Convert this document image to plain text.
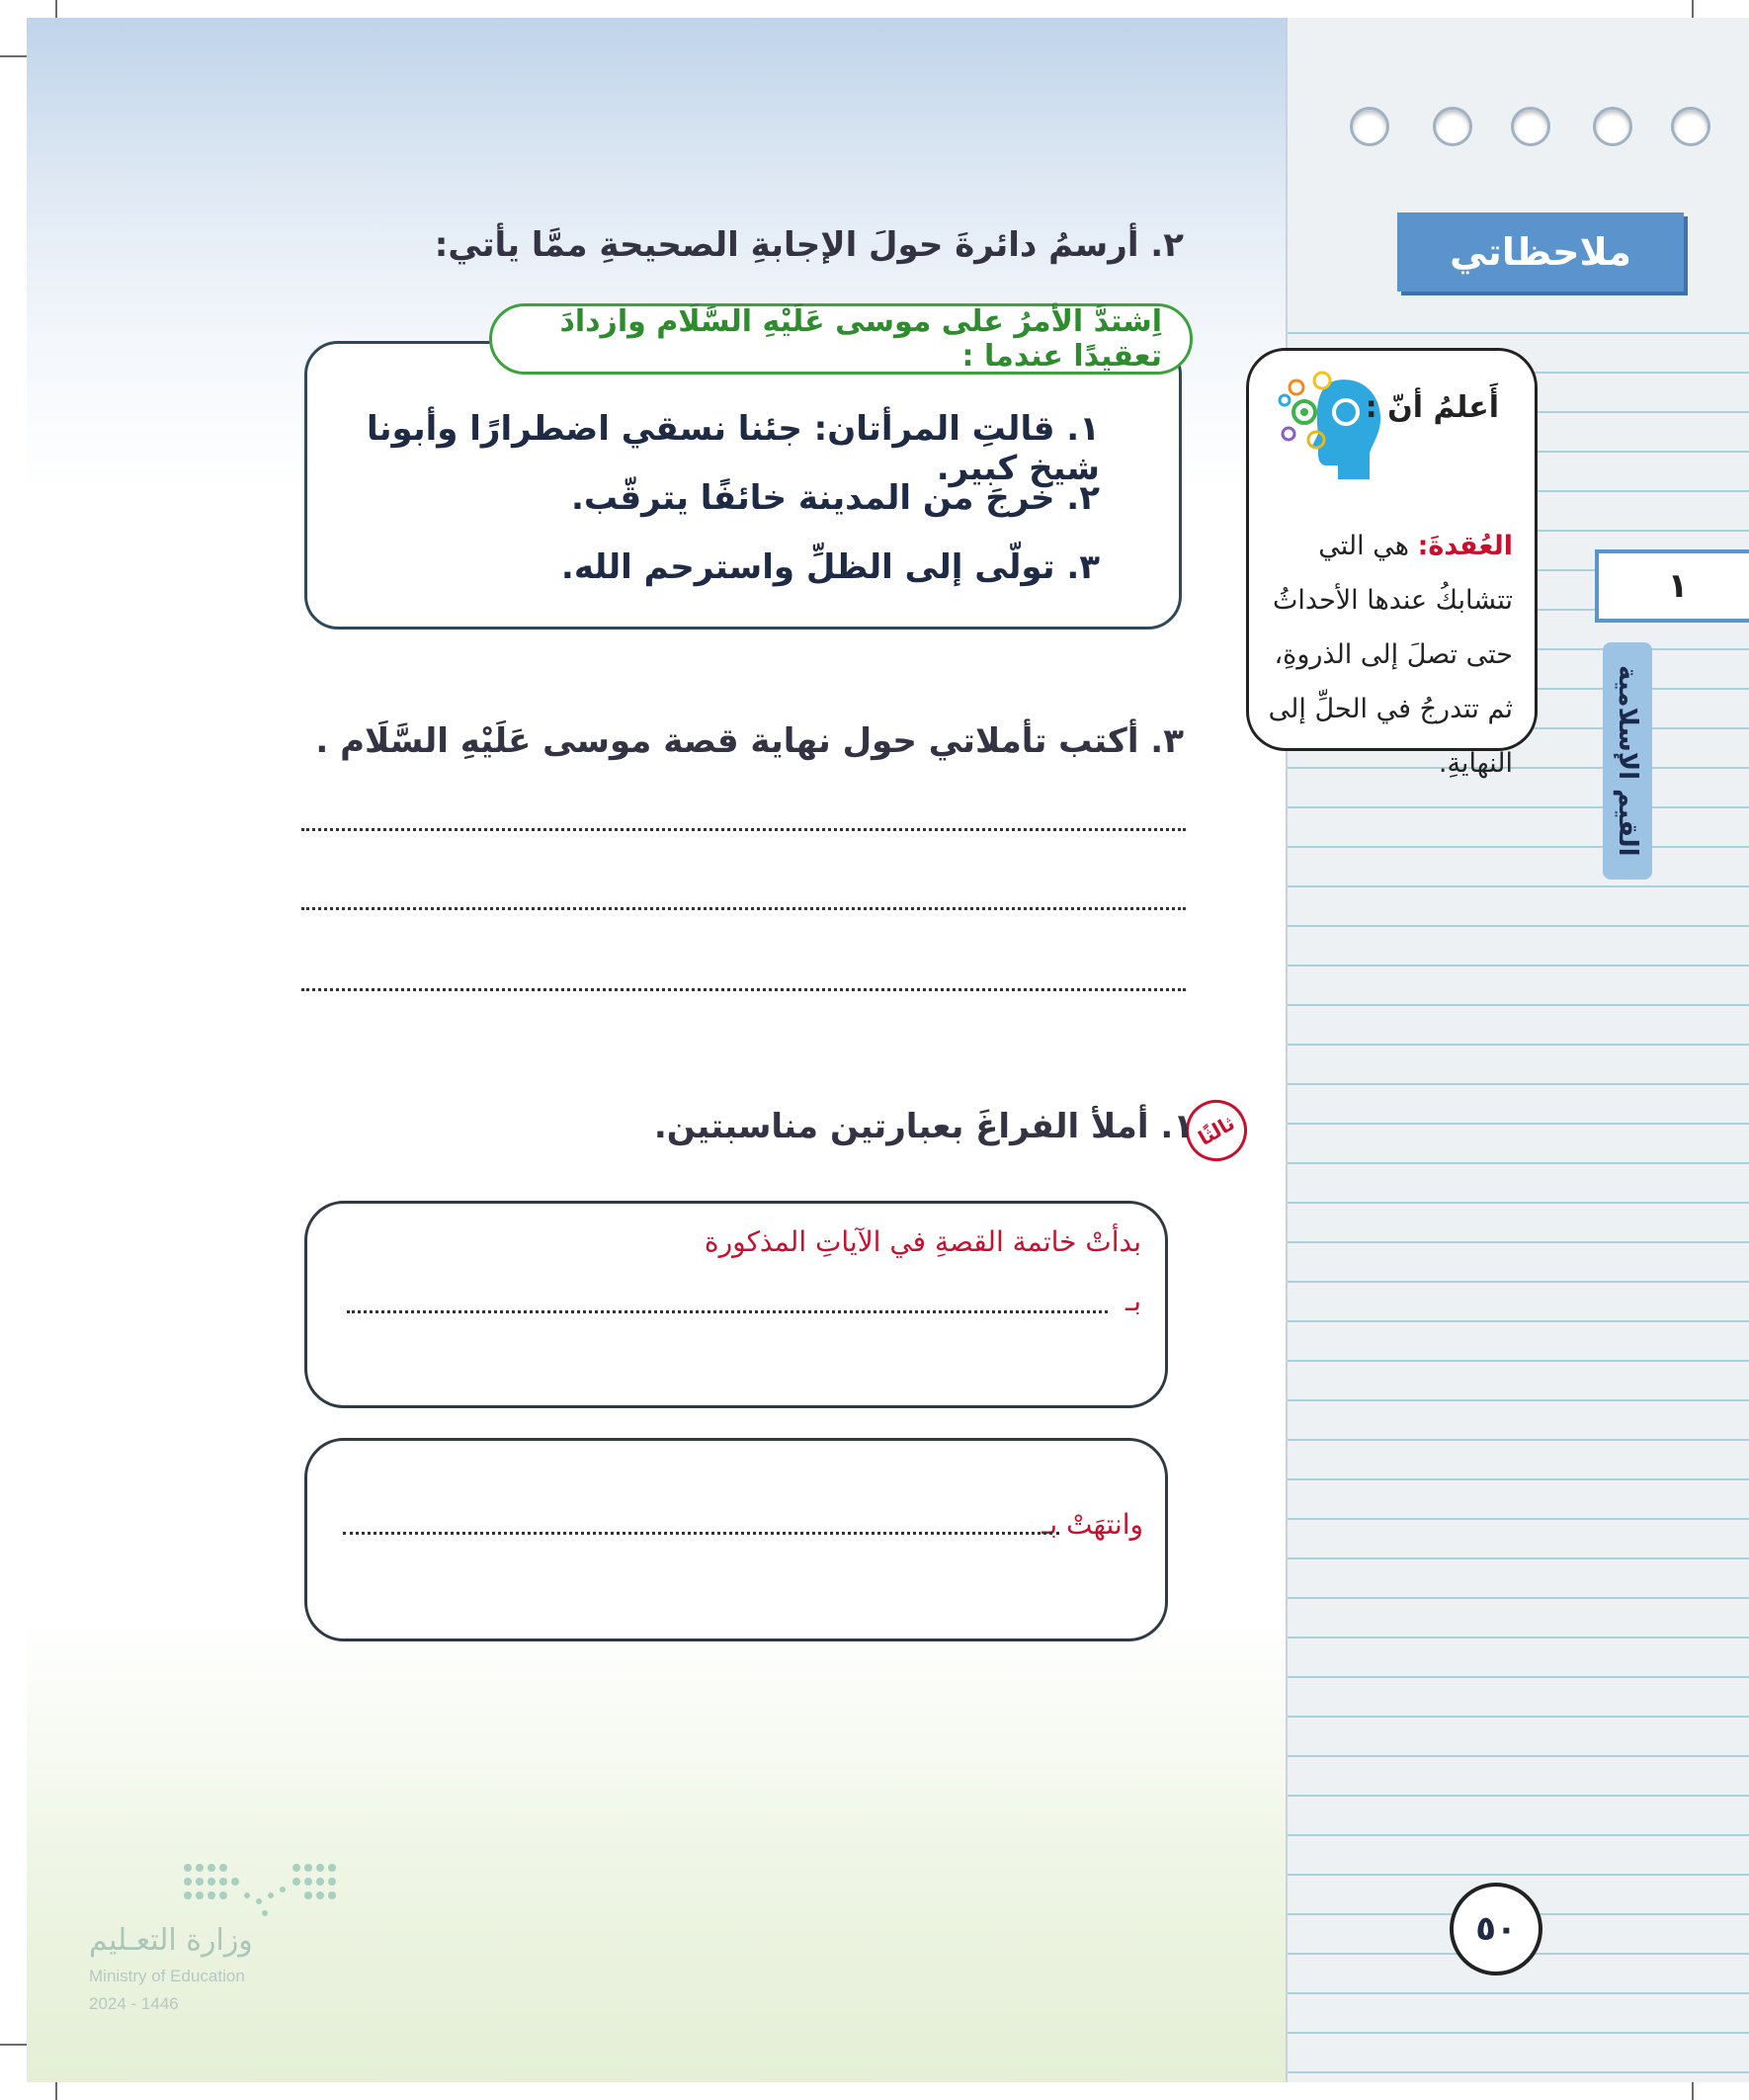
ملاحظاتي
أَعلمُ أنّ :
العُقدةَ: هي التي تتشابكُ عندها الأحداثُ حتى تصلَ إلى الذروةِ، ثم تتدرجُ في الحلِّ إلى النهايةِ.
١
القيم الإسلامية
٥٠
٢. أرسمُ دائرةَ حولَ الإجابةِ الصحيحةِ ممَّا يأتي:
١. قالتِ المرأتان: جئنا نسقي اضطرارًا وأبونا شيخ كبير.
٢. خرجَ من المدينة خائفًا يترقّب.
٣. تولّى إلى الظلِّ واسترحم الله.
اِشتدَّ الأمرُ على موسى عَلَيْهِ السَّلَام وازدادَ تعقيدًا عندما :
٣. أكتب تأملاتي حول نهاية قصة موسى عَلَيْهِ السَّلَام .
ثالثًا
١. أملأ الفراغَ بعبارتين مناسبتين.
بدأتْ خاتمة القصةِ في الآياتِ المذكورة
بـ
وانتهَتْ بـ
وزارة التعـليم
Ministry of Education
2024 - 1446
